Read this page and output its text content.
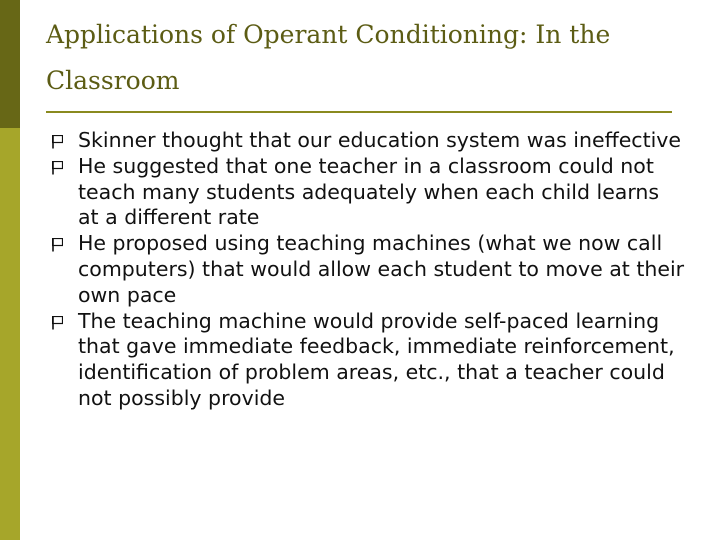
Applications of Operant Conditioning: In the Classroom
Skinner thought that our education system was ineffective
He suggested that one teacher in a classroom could not teach many students adequately when each child learns at a different rate
He proposed using teaching machines (what we now call computers) that would allow each student to move at their own pace
The teaching machine would provide self-paced learning that gave immediate feedback, immediate reinforcement, identification of problem areas, etc., that a teacher could not possibly provide
